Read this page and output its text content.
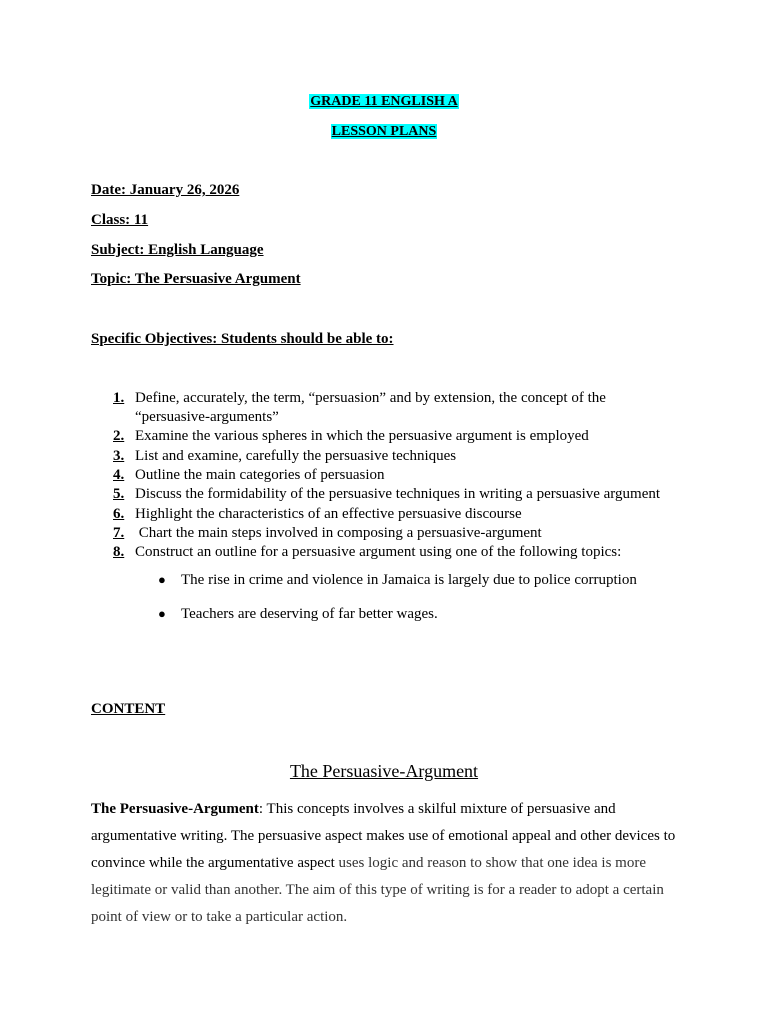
GRADE 11 ENGLISH A
LESSON PLANS
Date: January 26, 2026
Class: 11
Subject: English Language
Topic: The Persuasive Argument
Specific Objectives: Students should be able to:
1. Define, accurately, the term, “persuasion” and by extension, the concept of the
“persuasive-arguments”
2. Examine the various spheres in which the persuasive argument is employed
3. List and examine, carefully the persuasive techniques
4. Outline the main categories of persuasion
5. Discuss the formidability of the persuasive techniques in writing a persuasive argument
6. Highlight the characteristics of an effective persuasive discourse
7. Chart the main steps involved in composing a persuasive-argument
8. Construct an outline for a persuasive argument using one of the following topics:
● The rise in crime and violence in Jamaica is largely due to police corruption
● Teachers are deserving of far better wages.
CONTENT
The Persuasive-Argument
The Persuasive-Argument: This concepts involves a skilful mixture of persuasive and argumentative writing. The persuasive aspect makes use of emotional appeal and other devices to convince while the argumentative aspect uses logic and reason to show that one idea is more legitimate or valid than another. The aim of this type of writing is for a reader to adopt a certain point of view or to take a particular action.
